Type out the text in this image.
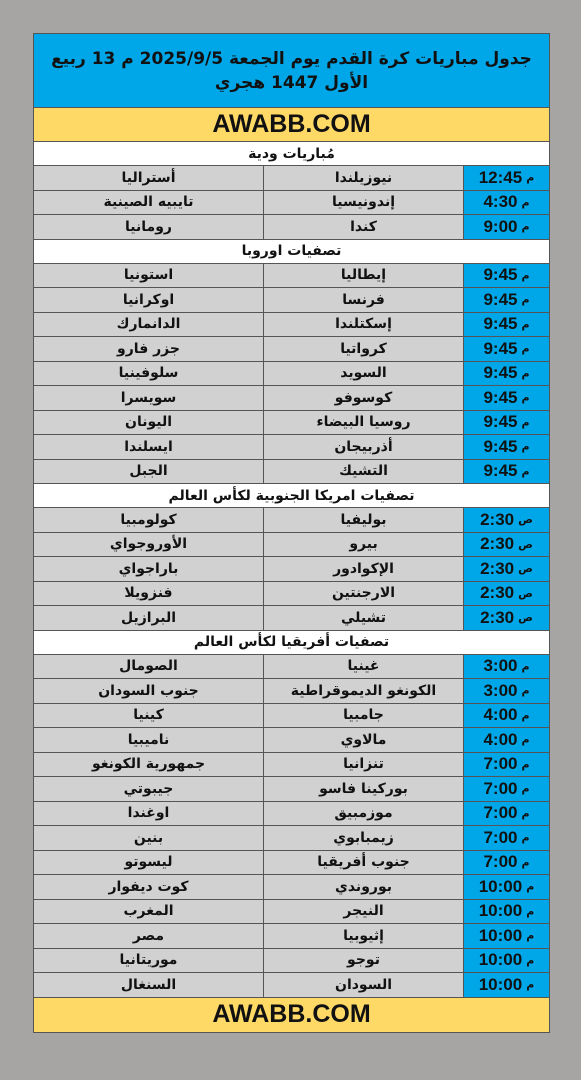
جدول مباريات كرة القدم يوم الجمعة 2025/9/5 م 13 ربيع الأول 1447 هجري
AWABB.COM
مُباريات ودية
أستراليا	نيوزيلندا	12:45 م
تايبيه الصينية	إندونيسيا	4:30 م
رومانيا	كندا	9:00 م
تصفيات اوروبا
استونيا	إيطاليا	9:45 م
اوكرانيا	فرنسا	9:45 م
الدانمارك	إسكتلندا	9:45 م
جزر فارو	كرواتيا	9:45 م
سلوفينيا	السويد	9:45 م
سويسرا	كوسوفو	9:45 م
اليونان	روسيا البيضاء	9:45 م
ايسلندا	أذربيجان	9:45 م
الجبل	التشيك	9:45 م
تصفيات امريكا الجنوبية لكأس العالم
كولومبيا	بوليفيا	2:30 ص
الأوروجواي	بيرو	2:30 ص
باراجواي	الإكوادور	2:30 ص
فنزويلا	الارجنتين	2:30 ص
البرازيل	تشيلي	2:30 ص
تصفيات أفريقيا لكأس العالم
الصومال	غينيا	3:00 م
جنوب السودان	الكونغو الديموقراطية	3:00 م
كينيا	جامبيا	4:00 م
ناميبيا	مالاوي	4:00 م
جمهورية الكونغو	تنزانيا	7:00 م
جيبوتي	بوركينا فاسو	7:00 م
اوغندا	موزمبيق	7:00 م
بنين	زيمبابوي	7:00 م
ليسوتو	جنوب أفريقيا	7:00 م
كوت ديفوار	بوروندي	10:00 م
المغرب	النيجر	10:00 م
مصر	إثيوبيا	10:00 م
موريتانيا	توجو	10:00 م
السنغال	السودان	10:00 م
AWABB.COM
